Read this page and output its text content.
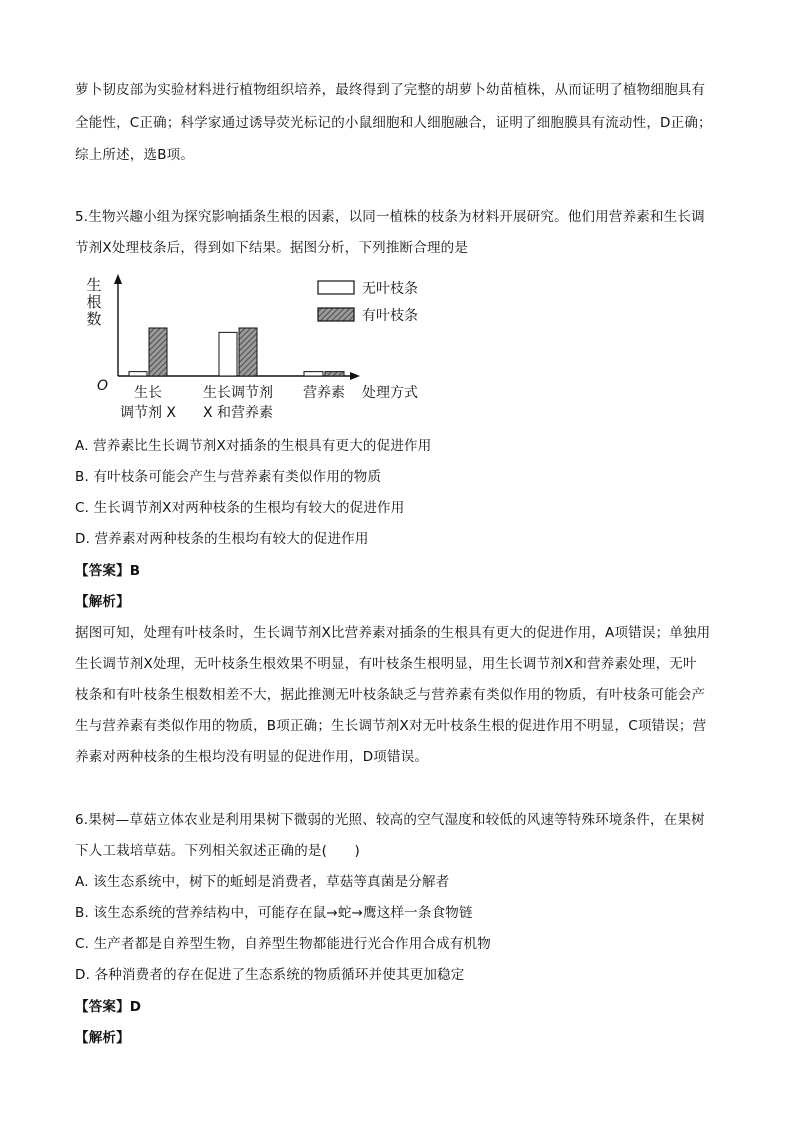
萝卜韧皮部为实验材料进行植物组织培养，最终得到了完整的胡萝卜幼苗植株，从而证明了植物细胞具有
全能性，C正确；科学家通过诱导荧光标记的小鼠细胞和人细胞融合，证明了细胞膜具有流动性，D正确；
综上所述，选B项。
5.生物兴趣小组为探究影响插条生根的因素，以同一植株的枝条为材料开展研究。他们用营养素和生长调
节剂X处理枝条后，得到如下结果。据图分析，下列推断合理的是
生根数
O	处理方式
生长调节剂 X
生长调节剂 X 和营养素
营养素
无叶枝条
有叶枝条
A. 营养素比生长调节剂X对插条的生根具有更大的促进作用
B. 有叶枝条可能会产生与营养素有类似作用的物质
C. 生长调节剂X对两种枝条的生根均有较大的促进作用
D. 营养素对两种枝条的生根均有较大的促进作用
【答案】B
【解析】
据图可知，处理有叶枝条时，生长调节剂X比营养素对插条的生根具有更大的促进作用，A项错误；单独用
生长调节剂X处理，无叶枝条生根效果不明显，有叶枝条生根明显，用生长调节剂X和营养素处理，无叶
枝条和有叶枝条生根数相差不大，据此推测无叶枝条缺乏与营养素有类似作用的物质，有叶枝条可能会产
生与营养素有类似作用的物质，B项正确；生长调节剂X对无叶枝条生根的促进作用不明显，C项错误；营
养素对两种枝条的生根均没有明显的促进作用，D项错误。
6.果树—草菇立体农业是利用果树下微弱的光照、较高的空气湿度和较低的风速等特殊环境条件，在果树
下人工栽培草菇。下列相关叙述正确的是(　　)
A. 该生态系统中，树下的蚯蚓是消费者，草菇等真菌是分解者
B. 该生态系统的营养结构中，可能存在鼠→蛇→鹰这样一条食物链
C. 生产者都是自养型生物，自养型生物都能进行光合作用合成有机物
D. 各种消费者的存在促进了生态系统的物质循环并使其更加稳定
【答案】D
【解析】
